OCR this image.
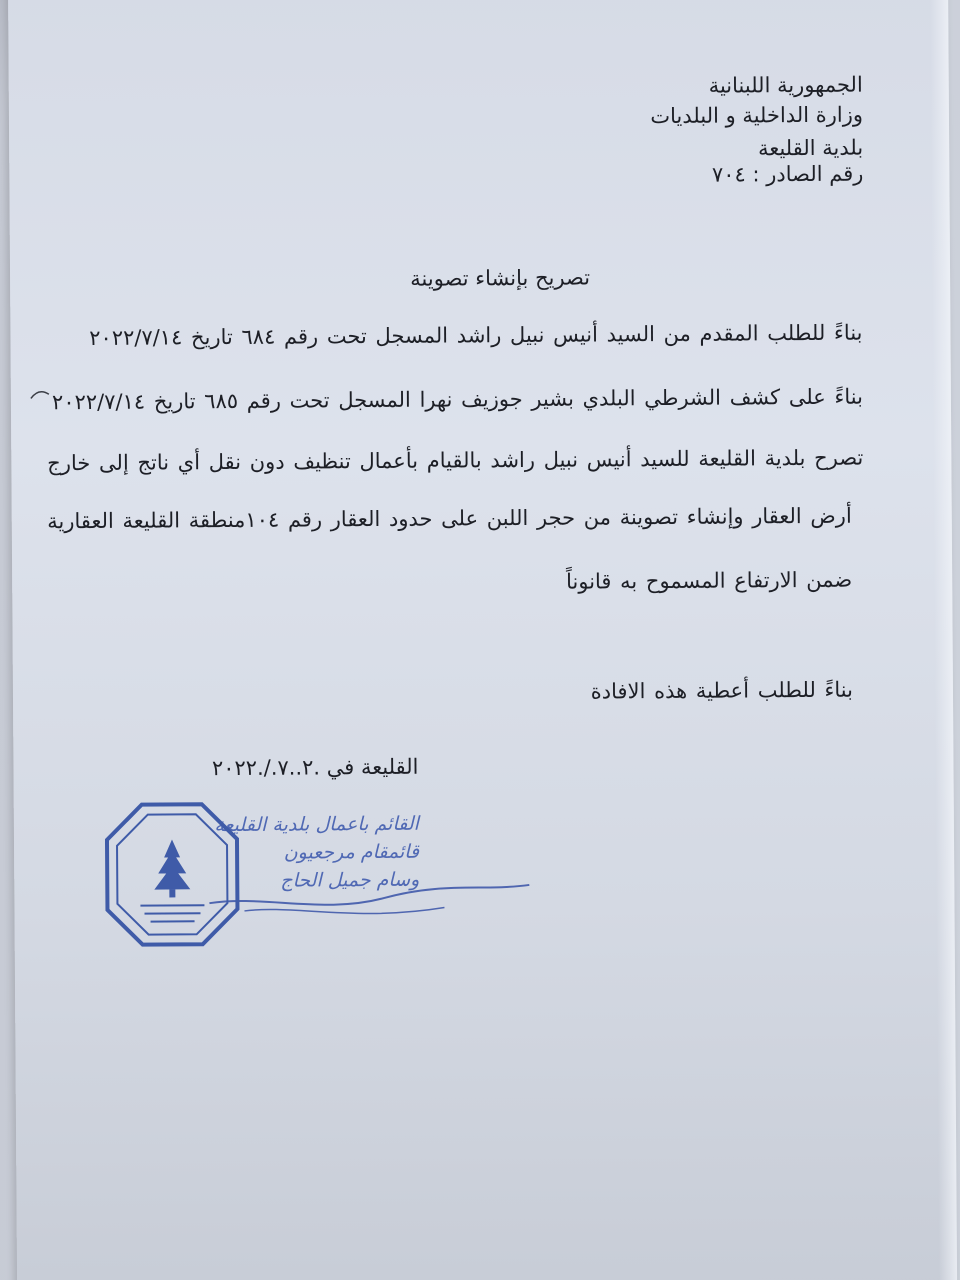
الجمهورية اللبنانية
وزارة الداخلية و البلديات
بلدية القليعة
رقم الصادر : ٧٠٤
تصريح بإنشاء تصوينة
بناءً للطلب المقدم من السيد أنيس نبيل راشد المسجل تحت رقم ٦٨٤ تاريخ ٢٠٢٢/٧/١٤
بناءً على كشف الشرطي البلدي بشير جوزيف نهرا المسجل تحت رقم ٦٨٥ تاريخ ٢٠٢٢/٧/١٤
تصرح بلدية القليعة للسيد أنيس نبيل راشد بالقيام بأعمال تنظيف دون نقل أي ناتج إلى خارج
أرض العقار وإنشاء تصوينة من حجر اللبن على حدود العقار رقم ١٠٤منطقة القليعة العقارية
ضمن الارتفاع المسموح به قانوناً
بناءً للطلب أعطية هذه الافادة
القليعة في .٢..٧./.٢٠٢٢
القائم باعمال بلدية القليعة
قائمقام مرجعيون
وسام جميل الحاج
